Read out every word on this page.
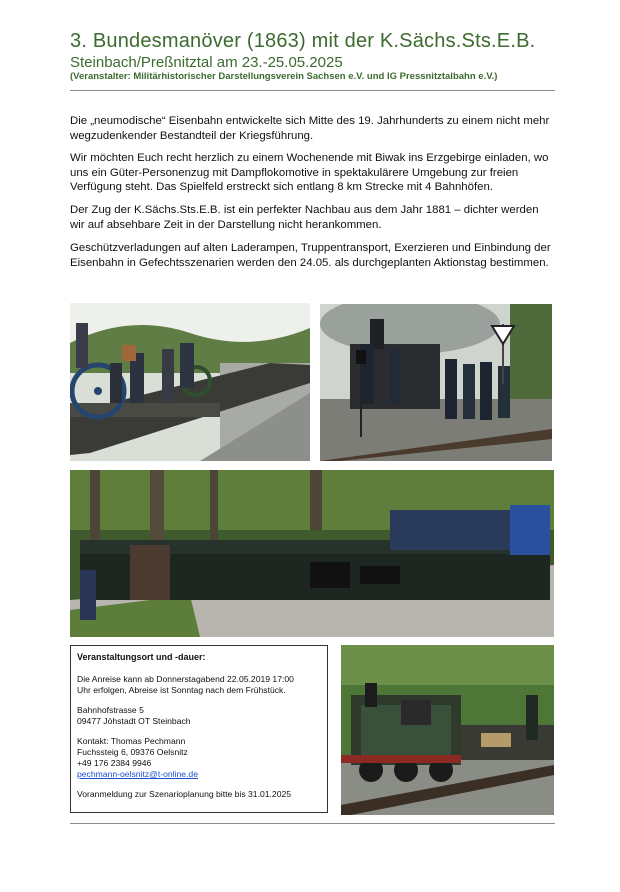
3. Bundesmanöver (1863) mit der K.Sächs.Sts.E.B.
Steinbach/Preßnitztal am 23.-25.05.2025
(Veranstalter: Militärhistorischer Darstellungsverein Sachsen e.V. und IG Pressnitztalbahn e.V.)

Die „neumodische“ Eisenbahn entwickelte sich Mitte des 19. Jahrhunderts zu einem nicht mehr wegzudenkender Bestandteil der Kriegsführung.

Wir möchten Euch recht herzlich zu einem Wochenende mit Biwak ins Erzgebirge einladen, wo uns ein Güter-Personenzug mit Dampflokomotive in spektakulärere Umgebung zur freien Verfügung steht. Das Spielfeld erstreckt sich entlang 8 km Strecke mit 4 Bahnhöfen.

Der Zug der K.Sächs.Sts.E.B. ist ein perfekter Nachbau aus dem Jahr 1881 – dichter werden wir auf absehbare Zeit in der Darstellung nicht herankommen.

Geschützverladungen auf alten Laderampen, Truppentransport, Exerzieren und Einbindung der Eisenbahn in Gefechtsszenarien werden den 24.05. als durchgeplanten Aktionstag bestimmen.

Veranstaltungsort und -dauer:
Die Anreise kann ab Donnerstagabend 22.05.2019 17:00
Uhr erfolgen, Abreise ist Sonntag nach dem Frühstück.
Bahnhofstrasse 5
09477 Jöhstadt OT Steinbach
Kontakt: Thomas Pechmann
Fuchssteig 6, 09376 Oelsnitz
+49 176 2384 9946
pechmann-oelsnitz@t-online.de
Voranmeldung zur Szenarioplanung bitte bis 31.01.2025
